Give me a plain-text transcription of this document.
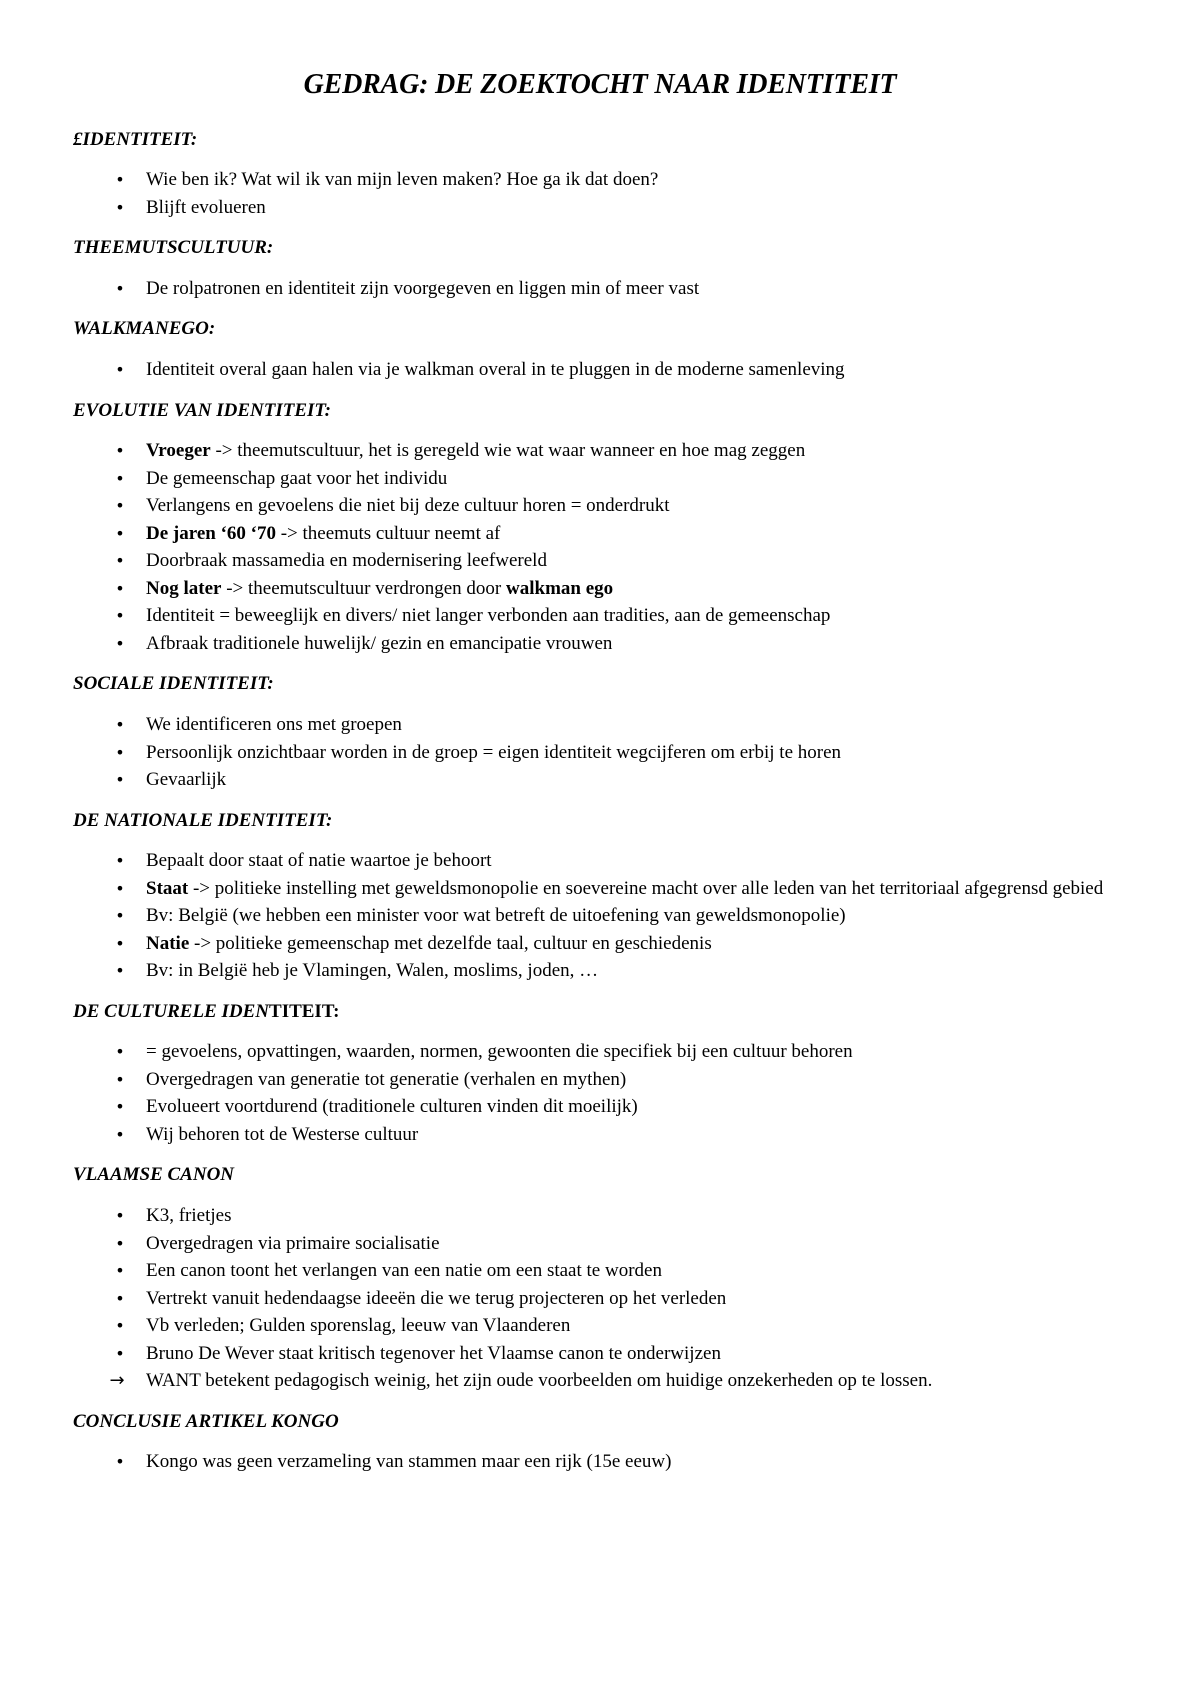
GEDRAG: DE ZOEKTOCHT NAAR IDENTITEIT
£IDENTITEIT:
• Wie ben ik? Wat wil ik van mijn leven maken? Hoe ga ik dat doen?
• Blijft evolueren
THEEMUTSCULTUUR:
• De rolpatronen en identiteit zijn voorgegeven en liggen min of meer vast
WALKMANEGO:
• Identiteit overal gaan halen via je walkman overal in te pluggen in de moderne samenleving
EVOLUTIE VAN IDENTITEIT:
• Vroeger -> theemutscultuur, het is geregeld wie wat waar wanneer en hoe mag zeggen
• De gemeenschap gaat voor het individu
• Verlangens en gevoelens die niet bij deze cultuur horen = onderdrukt
• De jaren ‘60 ‘70 -> theemuts cultuur neemt af
• Doorbraak massamedia en modernisering leefwereld
• Nog later -> theemutscultuur verdrongen door walkman ego
• Identiteit = beweeglijk en divers/ niet langer verbonden aan tradities, aan de gemeenschap
• Afbraak traditionele huwelijk/ gezin en emancipatie vrouwen
SOCIALE IDENTITEIT:
• We identificeren ons met groepen
• Persoonlijk onzichtbaar worden in de groep = eigen identiteit wegcijferen om erbij te horen
• Gevaarlijk
DE NATIONALE IDENTITEIT:
• Bepaalt door staat of natie waartoe je behoort
• Staat -> politieke instelling met geweldsmonopolie en soevereine macht over alle leden van het territoriaal afgegrensd gebied
• Bv: België (we hebben een minister voor wat betreft de uitoefening van geweldsmonopolie)
• Natie -> politieke gemeenschap met dezelfde taal, cultuur en geschiedenis
• Bv: in België heb je Vlamingen, Walen, moslims, joden, …
DE CULTURELE IDENTITEIT:
• = gevoelens, opvattingen, waarden, normen, gewoonten die specifiek bij een cultuur behoren
• Overgedragen van generatie tot generatie (verhalen en mythen)
• Evolueert voortdurend (traditionele culturen vinden dit moeilijk)
• Wij behoren tot de Westerse cultuur
VLAAMSE CANON
• K3, frietjes
• Overgedragen via primaire socialisatie
• Een canon toont het verlangen van een natie om een staat te worden
• Vertrekt vanuit hedendaagse ideeën die we terug projecteren op het verleden
• Vb verleden; Gulden sporenslag, leeuw van Vlaanderen
• Bruno De Wever staat kritisch tegenover het Vlaamse canon te onderwijzen
→ WANT betekent pedagogisch weinig, het zijn oude voorbeelden om huidige onzekerheden op te lossen.
CONCLUSIE ARTIKEL KONGO
• Kongo was geen verzameling van stammen maar een rijk (15e eeuw)
